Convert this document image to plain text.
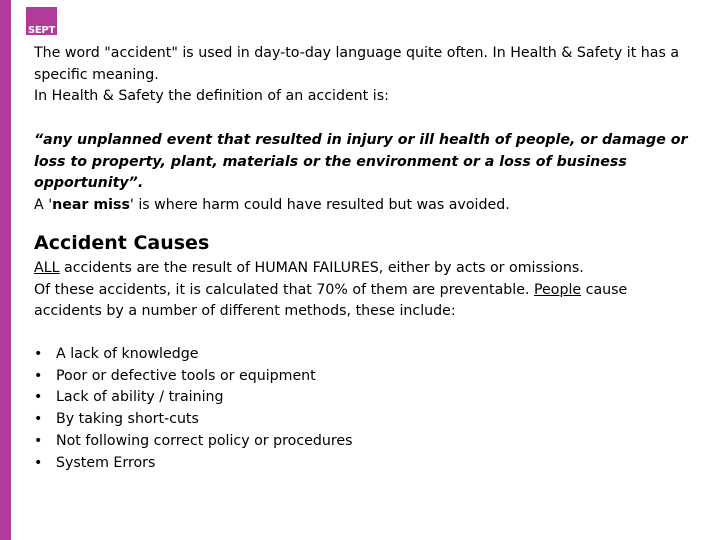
SEPT

The word "accident" is used in day-to-day language quite often. In Health & Safety it has a specific meaning.
In Health & Safety the definition of an accident is:

“any unplanned event that resulted in injury or ill health of people, or damage or loss to property, plant, materials or the environment or a loss of business opportunity”.

A 'near miss' is where harm could have resulted but was avoided.

Accident Causes

ALL accidents are the result of HUMAN FAILURES, either by acts or omissions.
Of these accidents, it is calculated that 70% of them are preventable. People cause accidents by a number of different methods, these include:

• A lack of knowledge
• Poor or defective tools or equipment
• Lack of ability / training
• By taking short-cuts
• Not following correct policy or procedures
• System Errors
